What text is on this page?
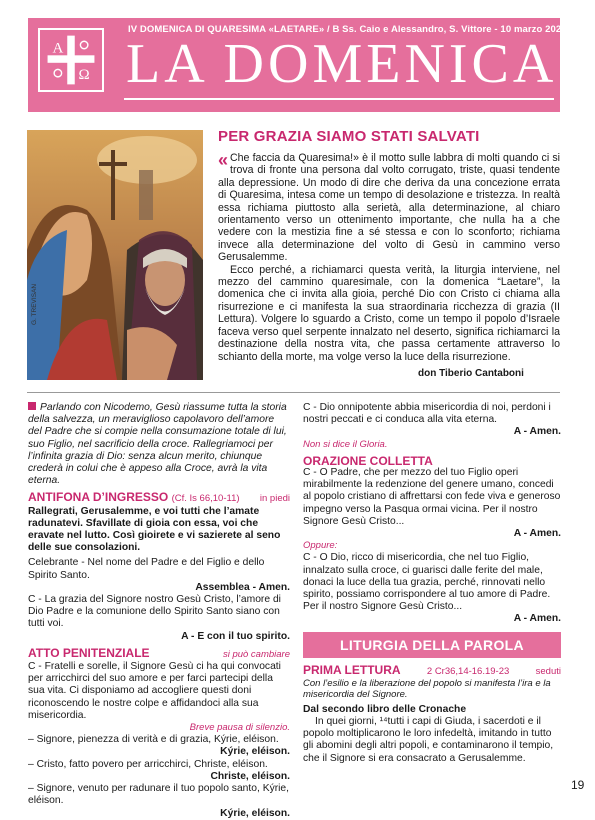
A
Ω
IV DOMENICA DI QUARESIMA «LAETARE» / B Ss. Caio e Alessandro, S. Vittore - 10 marzo 2024
LA DOMENICA
G. TREVISAN
PER GRAZIA SIAMO STATI SALVATI

« Che faccia da Quaresima!» è il motto sulle labbra di molti quando ci si trova di fronte una persona dal volto corrugato, triste, quasi tendente alla depressione. Un modo di dire che deriva da una concezione errata di Quaresima, intesa come un tempo di desolazione e tristezza. In realtà essa richiama piuttosto alla serietà, alla determinazione, al chiaro orientamento verso un ottenimento importante, che nulla ha a che vedere con la mestizia fine a sé stessa e con lo sconforto; richiama invece alla determinazione del volto di Gesù in cammino verso Gerusalemme.

Ecco perché, a richiamarci questa verità, la liturgia interviene, nel mezzo del cammino quaresimale, con la domenica “Laetare”, la domenica che ci invita alla gioia, perché Dio con Cristo ci chiama alla risurrezione e ci manifesta la sua straordinaria ricchezza di grazia (II Lettura). Volgere lo sguardo a Cristo, come un tempo il popolo d’Israele faceva verso quel serpente innalzato nel deserto, significa richiamarci la destinazione della nostra vita, che passa certamente attraverso lo schianto della morte, ma volge verso la luce della risurrezione.

don Tiberio Cantaboni

Parlando con Nicodemo, Gesù riassume tutta la storia della salvezza, un meraviglioso capolavoro dell’amore del Padre che si compie nella consumazione totale di lui, suo Figlio, nel sacrificio della croce. Rallegriamoci per l’infinita grazia di Dio: senza alcun merito, chiunque crederà in colui che è appeso alla Croce, avrà la vita eterna.

ANTIFONA D’INGRESSO (Cf. Is 66,10-11) in piedi

Rallegrati, Gerusalemme, e voi tutti che l’amate radunatevi. Sfavillate di gioia con essa, voi che eravate nel lutto. Così gioirete e vi sazierete al seno delle sue consolazioni.

Celebrante - Nel nome del Padre e del Figlio e dello Spirito Santo.

Assemblea - Amen.

C - La grazia del Signore nostro Gesù Cristo, l’amore di Dio Padre e la comunione dello Spirito Santo siano con tutti voi.

A - E con il tuo spirito.

ATTO PENITENZIALE	si può cambiare

C - Fratelli e sorelle, il Signore Gesù ci ha qui convocati per arricchirci del suo amore e per farci partecipi della sua vita. Ci disponiamo ad accogliere questi doni riconoscendo le nostre colpe e affidandoci alla sua misericordia.

Breve pausa di silenzio.

– Signore, pienezza di verità e di grazia, Kýrie, eléison.

Kýrie, eléison.

– Cristo, fatto povero per arricchirci, Christe, eléison.

Christe, eléison.

– Signore, venuto per radunare il tuo popolo santo, Kýrie, eléison.

Kýrie, eléison.

C - Dio onnipotente abbia misericordia di noi, perdoni i nostri peccati e ci conduca alla vita eterna.

A - Amen.

Non si dice il Gloria.

ORAZIONE COLLETTA

C - O Padre, che per mezzo del tuo Figlio operi mirabilmente la redenzione del genere umano, concedi al popolo cristiano di affrettarsi con fede viva e generoso impegno verso la Pasqua ormai vicina. Per il nostro Signore Gesù Cristo...

A - Amen.

Oppure:

C - O Dio, ricco di misericordia, che nel tuo Figlio, innalzato sulla croce, ci guarisci dalle ferite del male, donaci la luce della tua grazia, perché, rinnovati nello spirito, possiamo corrispondere al tuo amore di Padre. Per il nostro Signore Gesù Cristo...

A - Amen.

LITURGIA DELLA PAROLA
PRIMA LETTURA	2 Cr36,14-16.19-23	seduti

Con l’esilio e la liberazione del popolo si manifesta l’ira e la misericordia del Signore.

Dal secondo libro delle Cronache

In quei giorni, ¹⁴tutti i capi di Giuda, i sacerdoti e il popolo moltiplicarono le loro infedeltà, imitando in tutto gli abomini degli altri popoli, e contaminarono il tempio, che il Signore si era consacrato a Gerusalemme.

19
